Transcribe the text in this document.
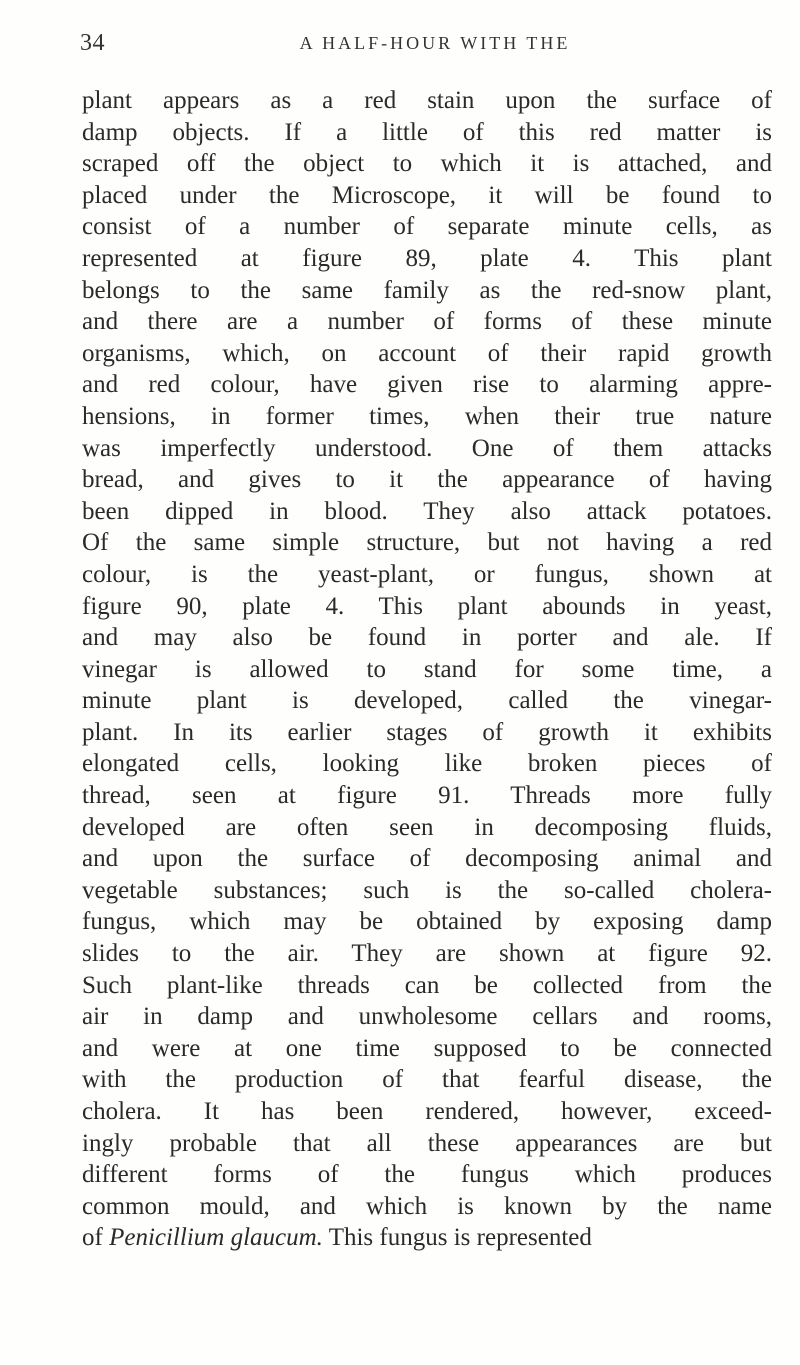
34	A HALF-HOUR WITH THE
plant appears as a red stain upon the surface of
damp objects. If a little of this red matter is
scraped off the object to which it is attached, and
placed under the Microscope, it will be found to
consist of a number of separate minute cells, as
represented at figure 89, plate 4. This plant
belongs to the same family as the red-snow plant,
and there are a number of forms of these minute
organisms, which, on account of their rapid growth
and red colour, have given rise to alarming appre-
hensions, in former times, when their true nature
was imperfectly understood. One of them attacks
bread, and gives to it the appearance of having
been dipped in blood. They also attack potatoes.
Of the same simple structure, but not having a red
colour, is the yeast-plant, or fungus, shown at
figure 90, plate 4. This plant abounds in yeast,
and may also be found in porter and ale. If
vinegar is allowed to stand for some time, a
minute plant is developed, called the vinegar-
plant. In its earlier stages of growth it exhibits
elongated cells, looking like broken pieces of
thread, seen at figure 91. Threads more fully
developed are often seen in decomposing fluids,
and upon the surface of decomposing animal and
vegetable substances; such is the so-called cholera-
fungus, which may be obtained by exposing damp
slides to the air. They are shown at figure 92.
Such plant-like threads can be collected from the
air in damp and unwholesome cellars and rooms,
and were at one time supposed to be connected
with the production of that fearful disease, the
cholera. It has been rendered, however, exceed-
ingly probable that all these appearances are but
different forms of the fungus which produces
common mould, and which is known by the name
of Penicillium glaucum. This fungus is represented
